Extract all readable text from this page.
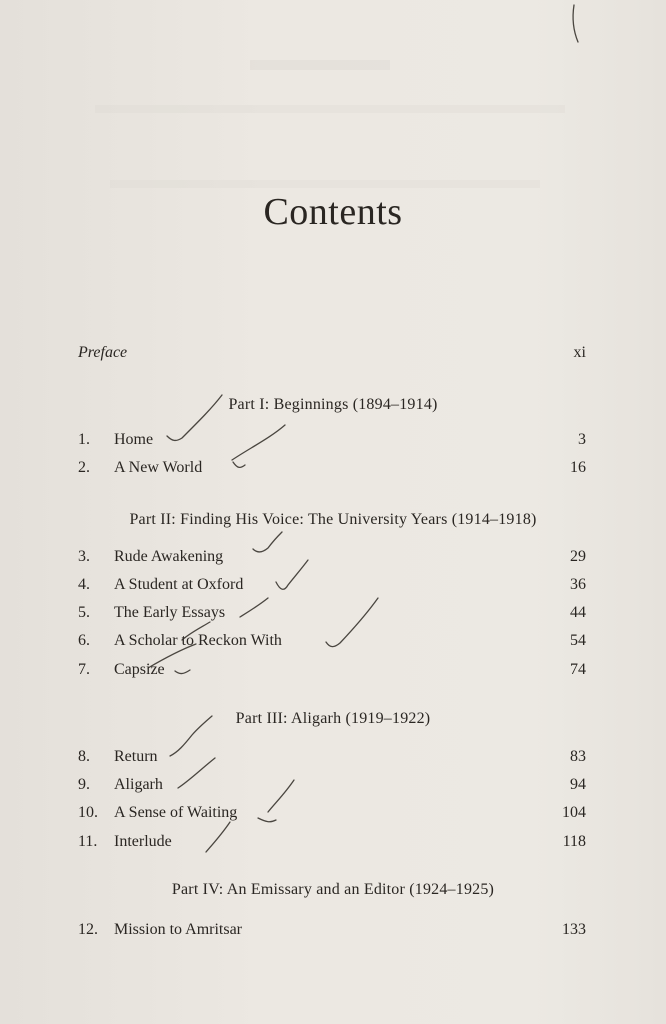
Contents
Preface	xi
Part I: Beginnings (1894–1914)
1.	Home	3
2.	A New World	16
Part II: Finding His Voice: The University Years (1914–1918)
3.	Rude Awakening	29
4.	A Student at Oxford	36
5.	The Early Essays	44
6.	A Scholar to Reckon With	54
7.	Capsize	74
Part III: Aligarh (1919–1922)
8.	Return	83
9.	Aligarh	94
10.	A Sense of Waiting	104
11.	Interlude	118
Part IV: An Emissary and an Editor (1924–1925)
12.	Mission to Amritsar	133
